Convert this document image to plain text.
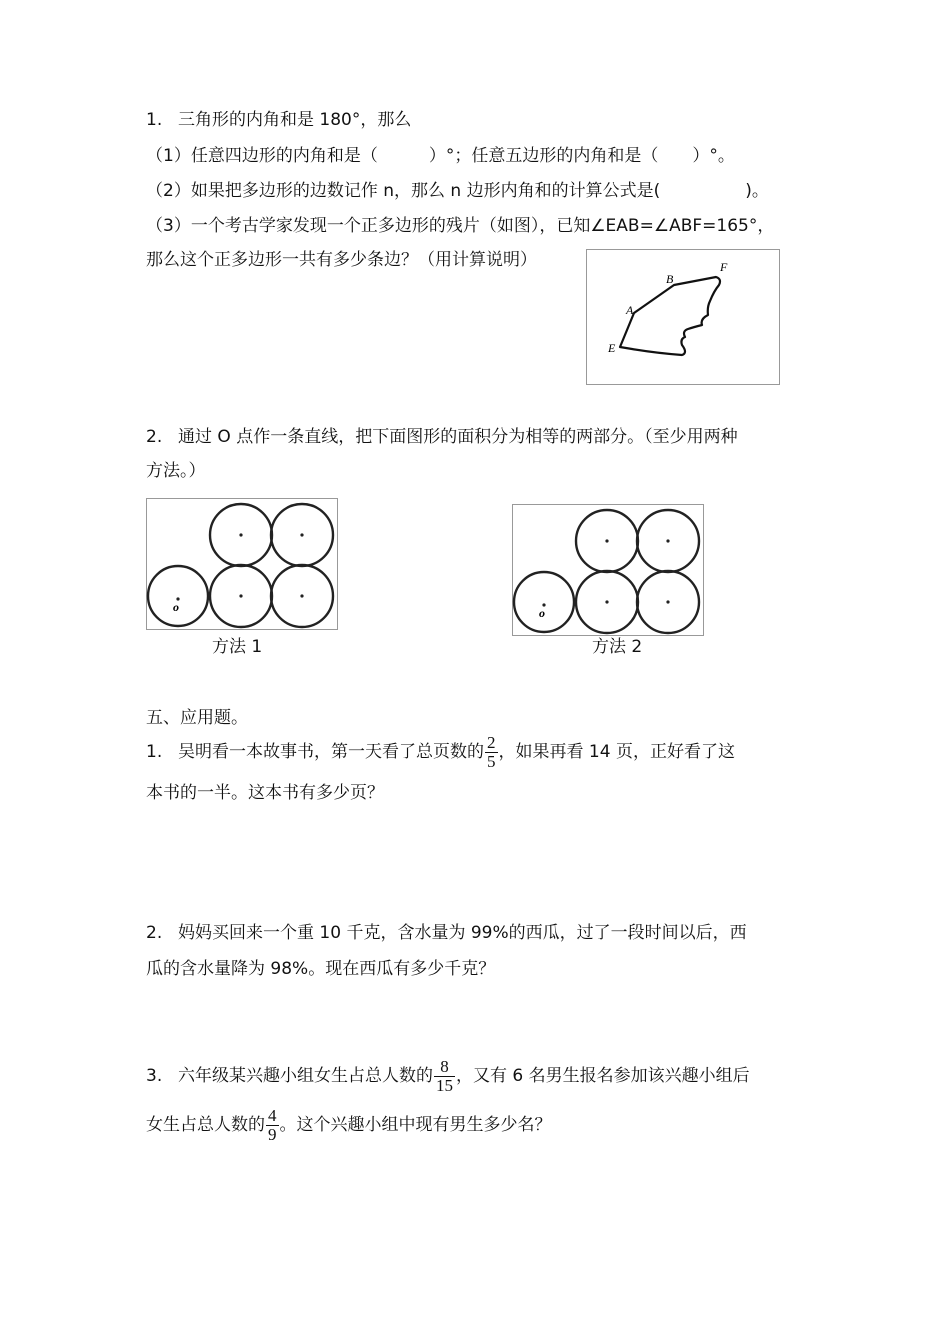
1. 三角形的内角和是 180°，那么
（1）任意四边形的内角和是（　　　）°；任意五边形的内角和是（　　）°。
（2）如果把多边形的边数记作 n，那么 n 边形内角和的计算公式是(　　　　　)。
（3）一个考古学家发现一个正多边形的残片（如图），已知∠EAB=∠ABF=165°，
那么这个正多边形一共有多少条边？（用计算说明）
B
F
A
E
2. 通过 O 点作一条直线，把下面图形的面积分为相等的两部分。（至少用两种
方法。）
o
方法 1
o
方法 2
五、应用题。
1. 吴明看一本故事书，第一天看了总页数的 $\frac{2}{5}$ ，如果再看 14 页，正好看了这
本书的一半。这本书有多少页？
2. 妈妈买回来一个重 10 千克，含水量为 99%的西瓜，过了一段时间以后，西
瓜的含水量降为 98%。现在西瓜有多少千克？
3. 六年级某兴趣小组女生占总人数的 $\frac{8}{15}$ ，又有 6 名男生报名参加该兴趣小组后
女生占总人数的 $\frac{4}{9}$ 。这个兴趣小组中现有男生多少名？
